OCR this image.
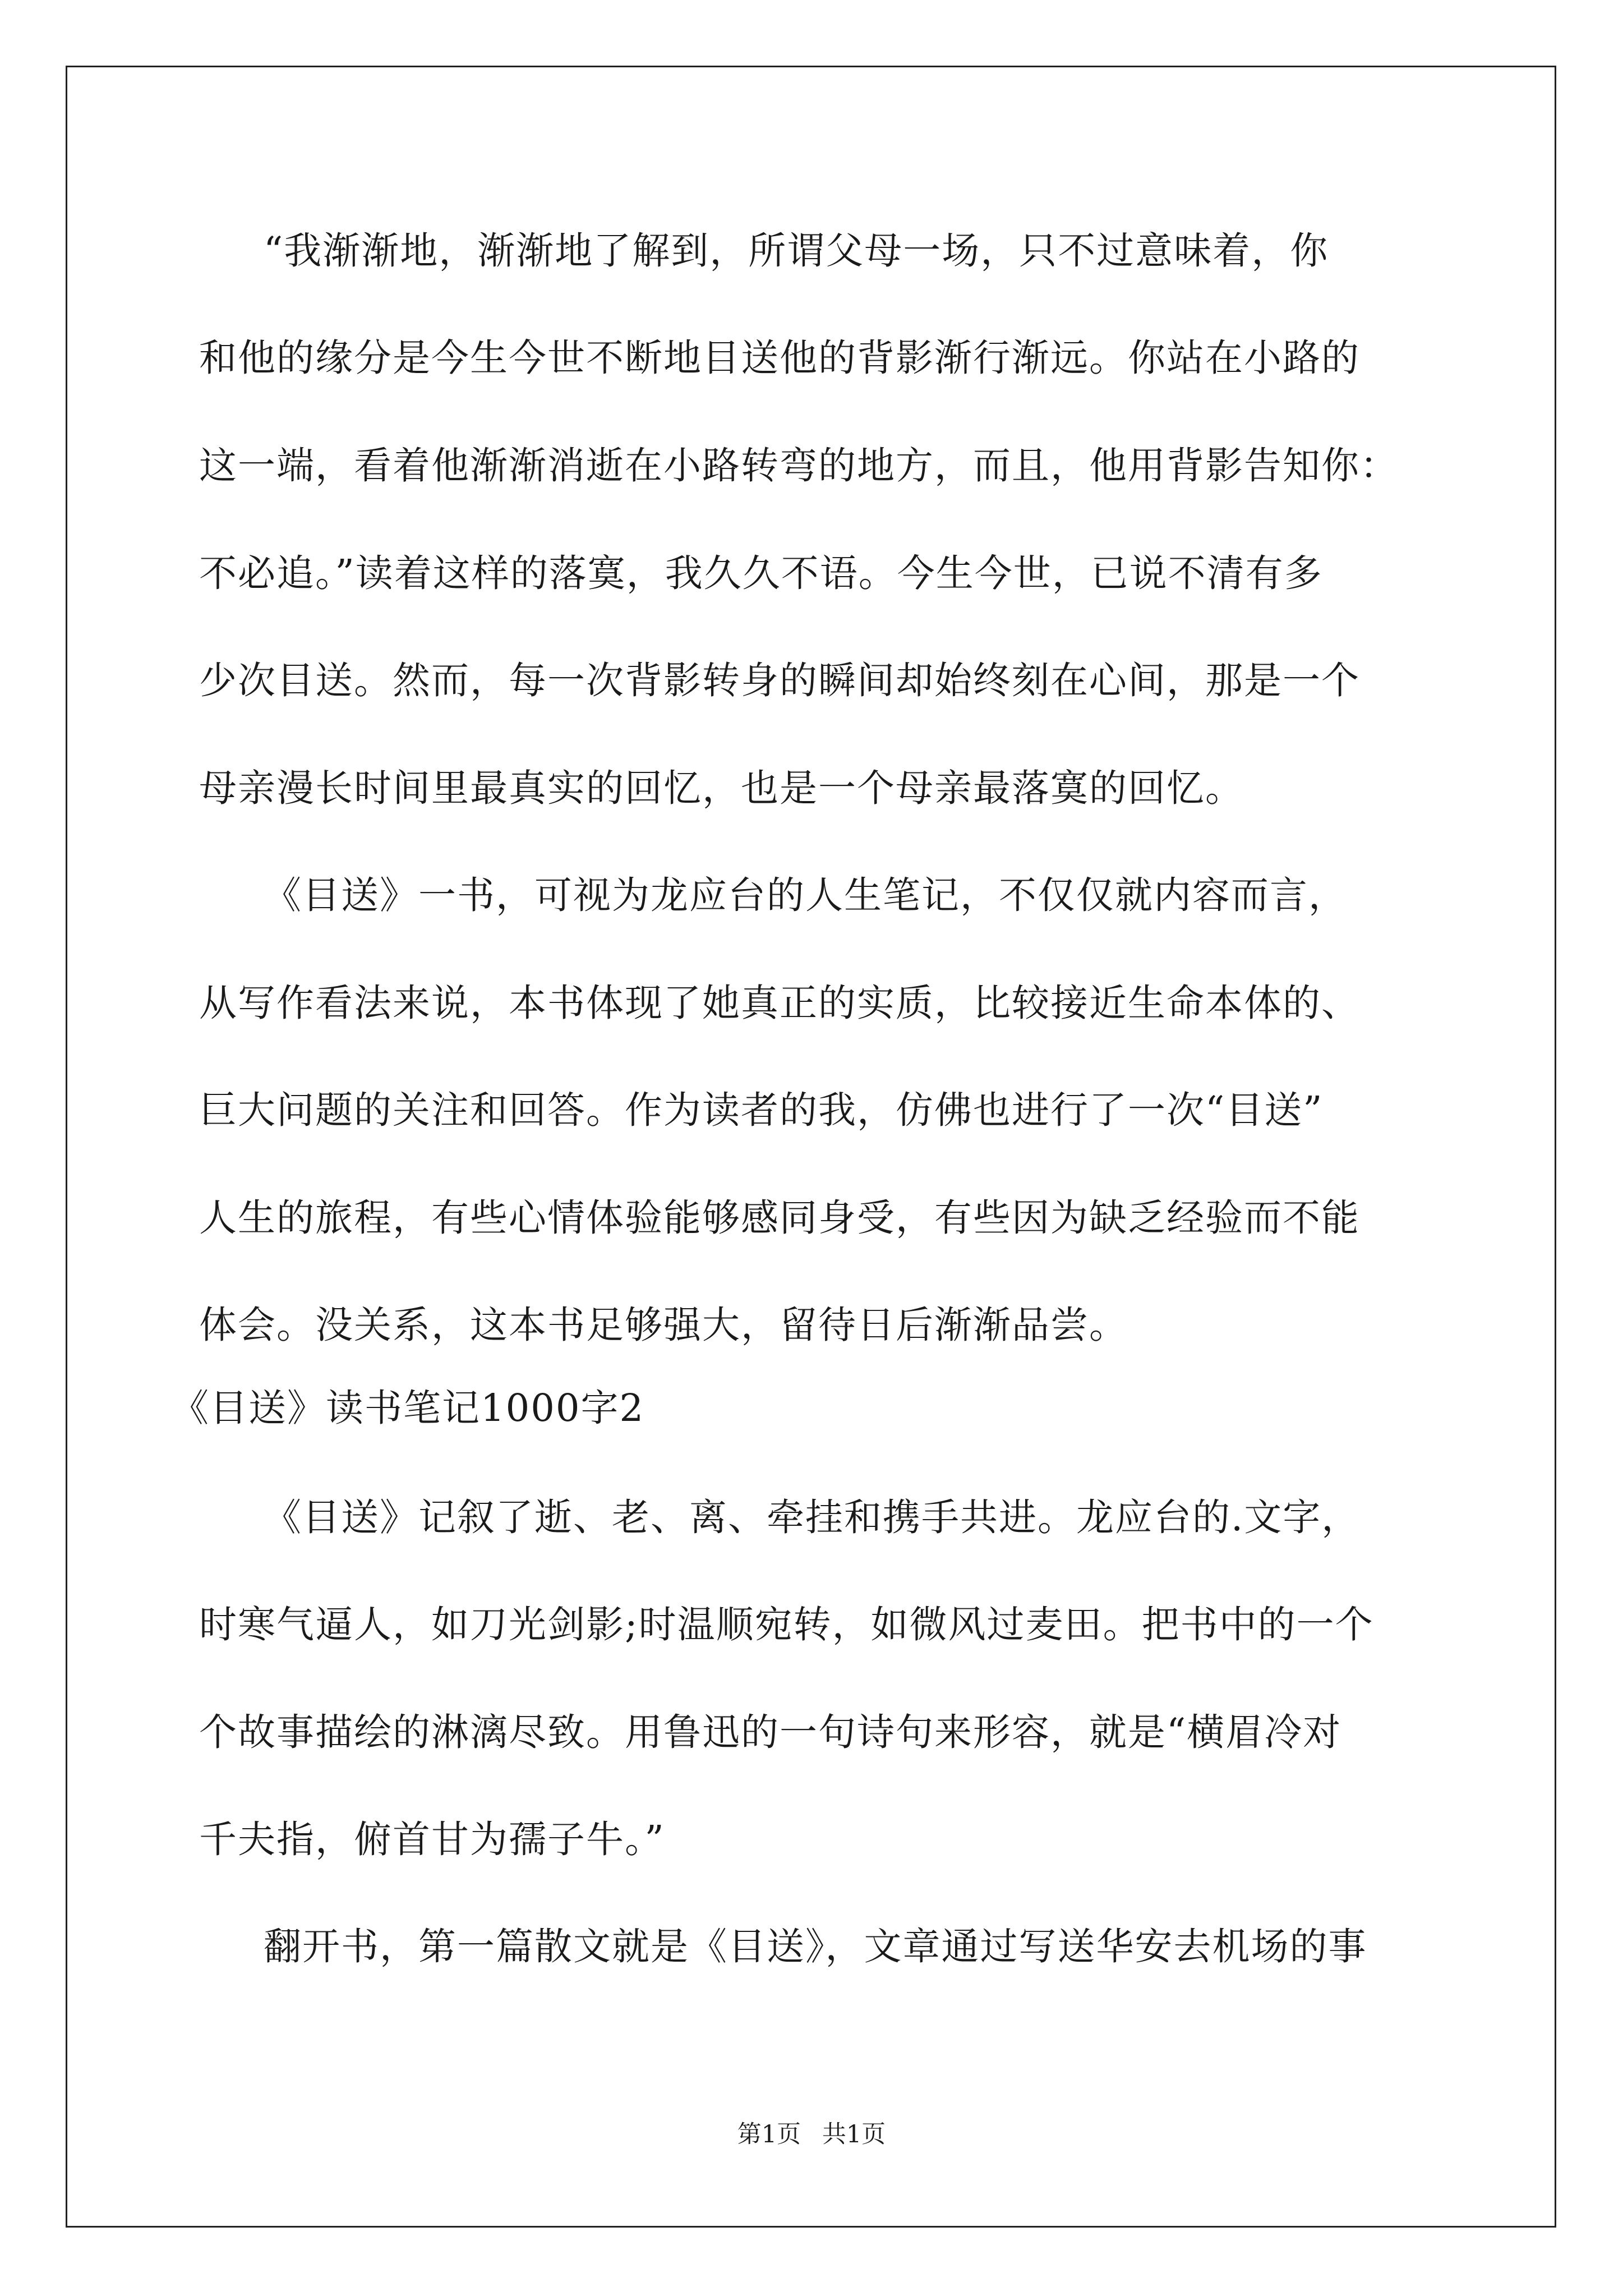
“我渐渐地，渐渐地了解到，所谓父母一场，只不过意味着，你
和他的缘分是今生今世不断地目送他的背影渐行渐远。你站在小路的
这一端，看着他渐渐消逝在小路转弯的地方，而且，他用背影告知你：
不必追。”读着这样的落寞，我久久不语。今生今世，已说不清有多
少次目送。然而，每一次背影转身的瞬间却始终刻在心间，那是一个
母亲漫长时间里最真实的回忆，也是一个母亲最落寞的回忆。
《目送》一书，可视为龙应台的人生笔记，不仅仅就内容而言，
从写作看法来说，本书体现了她真正的实质，比较接近生命本体的、
巨大问题的关注和回答。作为读者的我，仿佛也进行了一次“目送”
人生的旅程，有些心情体验能够感同身受，有些因为缺乏经验而不能
体会。没关系，这本书足够强大，留待日后渐渐品尝。
《目送》读书笔记1000字2
《目送》记叙了逝、老、离、牵挂和携手共进。龙应台的.文字，
时寒气逼人，如刀光剑影;时温顺宛转，如微风过麦田。把书中的一个
个故事描绘的淋漓尽致。用鲁迅的一句诗句来形容，就是“横眉冷对
千夫指，俯首甘为孺子牛。”
翻开书，第一篇散文就是《目送》，文章通过写送华安去机场的事
第1页 共1页
